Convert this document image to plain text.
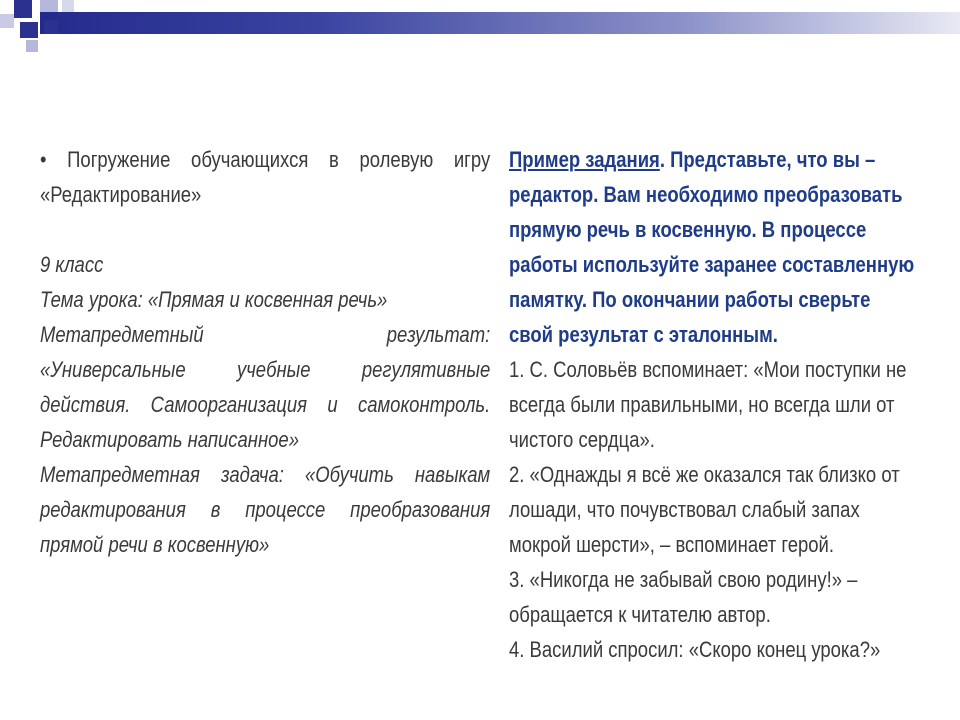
• Погружение обучающихся в ролевую игру
«Редактирование»
9 класс
Тема урока: «Прямая и косвенная речь»
Метапредметный результат:
«Универсальные учебные регулятивные
действия. Самоорганизация и самоконтроль.
Редактировать написанное»
Метапредметная задача: «Обучить навыкам
редактирования в процессе преобразования
прямой речи в косвенную»
Пример задания. Представьте, что вы –
редактор. Вам необходимо преобразовать
прямую речь в косвенную. В процессе
работы используйте заранее составленную
памятку. По окончании работы сверьте
свой результат с эталонным.
1. С. Соловьёв вспоминает: «Мои поступки не
всегда были правильными, но всегда шли от
чистого сердца».
2. «Однажды я всё же оказался так близко от
лошади, что почувствовал слабый запах
мокрой шерсти», – вспоминает герой.
3. «Никогда не забывай свою родину!» –
обращается к читателю автор.
4. Василий спросил: «Скоро конец урока?»
